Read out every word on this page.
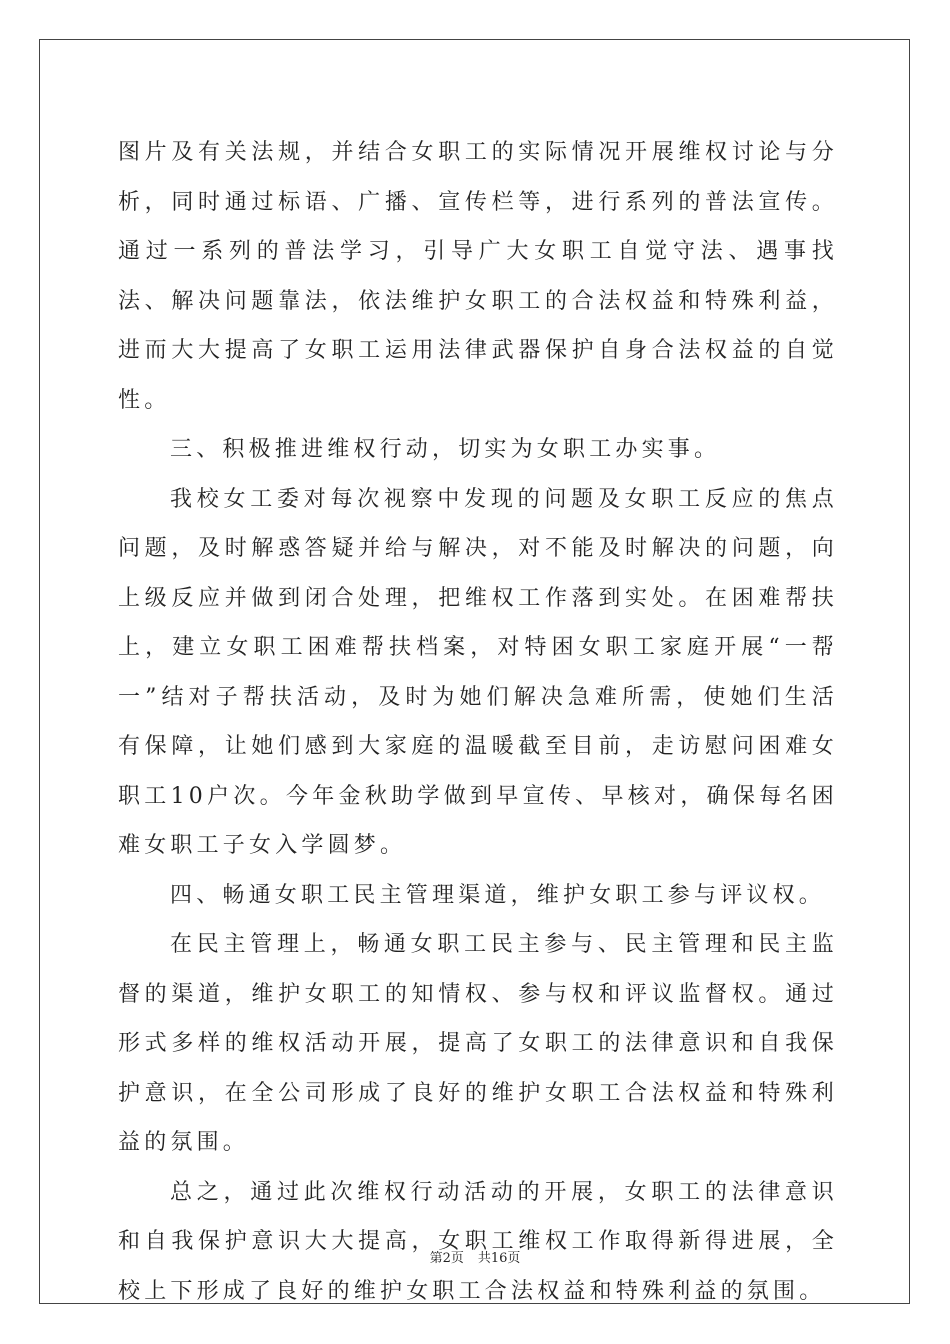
图片及有关法规，并结合女职工的实际情况开展维权讨论与分析，同时通过标语、广播、宣传栏等，进行系列的普法宣传。通过一系列的普法学习，引导广大女职工自觉守法、遇事找法、解决问题靠法，依法维护女职工的合法权益和特殊利益，进而大大提高了女职工运用法律武器保护自身合法权益的自觉性。

三、积极推进维权行动，切实为女职工办实事。

我校女工委对每次视察中发现的问题及女职工反应的焦点问题，及时解惑答疑并给与解决，对不能及时解决的问题，向上级反应并做到闭合处理，把维权工作落到实处。在困难帮扶上，建立女职工困难帮扶档案，对特困女职工家庭开展“一帮一”结对子帮扶活动，及时为她们解决急难所需，使她们生活有保障，让她们感到大家庭的温暖截至目前，走访慰问困难女职工10户次。今年金秋助学做到早宣传、早核对，确保每名困难女职工子女入学圆梦。

四、畅通女职工民主管理渠道，维护女职工参与评议权。

在民主管理上，畅通女职工民主参与、民主管理和民主监督的渠道，维护女职工的知情权、参与权和评议监督权。通过形式多样的维权活动开展，提高了女职工的法律意识和自我保护意识，在全公司形成了良好的维护女职工合法权益和特殊利益的氛围。

总之，通过此次维权行动活动的开展，女职工的法律意识和自我保护意识大大提高，女职工维权工作取得新得进展，全校上下形成了良好的维护女职工合法权益和特殊利益的氛围。

第2页 共16页
